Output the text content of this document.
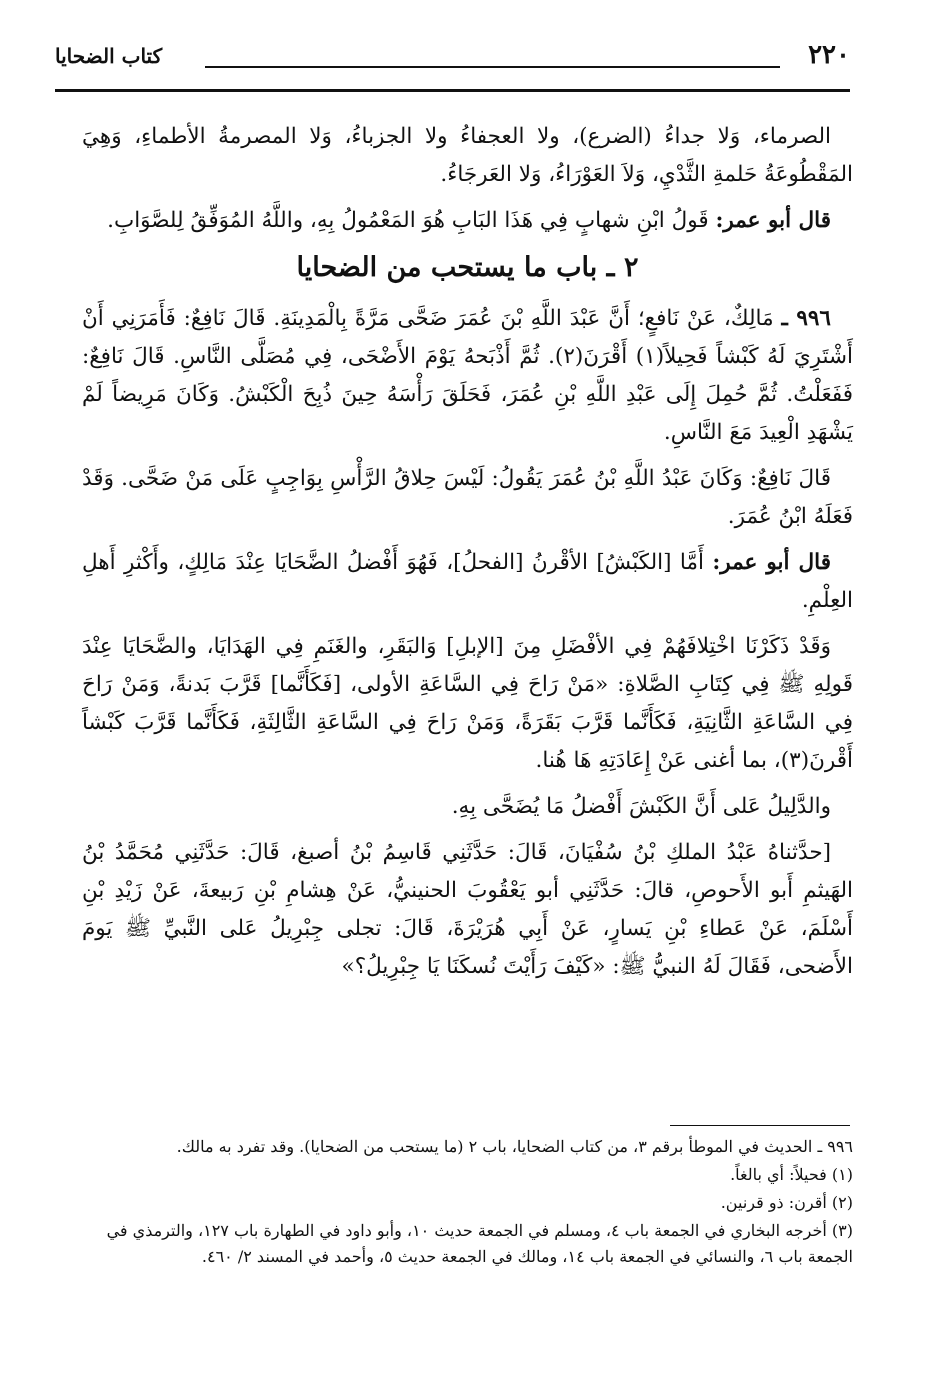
٢٢٠
كتاب الضحايا

الصرماء، وَلا جداءُ (الضرع)، ولا العجفاءُ ولا الجزباءُ، وَلا المصرمةُ الأطماءِ، وَهِيَ المَقْطُوعَةُ حَلمةِ الثَّدْيِ، وَلاَ العَوْرَاءُ، وَلا العَرجَاءُ.

قال أبو عمر: قَولُ ابْنِ شهابٍ فِي هَذَا البَابِ هُوَ المَعْمُولُ بِهِ، واللَّهُ المُوَفِّقُ لِلصَّوَابِ.

٢ ـ باب ما يستحب من الضحايا

٩٩٦ ـ مَالِكٌ، عَنْ نَافعٍ؛ أَنَّ عَبْدَ اللَّهِ بْنَ عُمَرَ ضَحَّى مَرَّةً بِالْمَدِينَةِ. قَالَ نَافِعٌ: فَأَمَرَنِي أَنْ أَشْتَرِيَ لَهُ كَبْشاً فَحِيلاً(١) أَقْرَنَ(٢). ثُمَّ أَذْبَحهُ يَوْمَ الأَضْحَى، فِي مُصَلَّى النَّاسِ. قَالَ نَافِعٌ: فَفَعَلْتُ. ثُمَّ حُمِلَ إِلَى عَبْدِ اللَّهِ بْنِ عُمَرَ، فَحَلَقَ رَأْسَهُ حِينَ ذُبِحَ الْكَبْشُ. وَكَانَ مَرِيضاً لَمْ يَشْهَدِ الْعِيدَ مَعَ النَّاسِ.

قَالَ نَافِعٌ: وَكَانَ عَبْدُ اللَّهِ بْنُ عُمَرَ يَقُولُ: لَيْسَ حِلاقُ الرَّأْسِ بِوَاجِبٍ عَلَى مَنْ ضَحَّى. وَقَدْ فَعَلَهُ ابْنُ عُمَرَ.

قال أبو عمر: أَمَّا [الكَبْشُ] الأقْرنُ [الفحلُ]، فَهُوَ أَفْضلُ الضَّحَايَا عِنْدَ مَالِكٍ، وأَكْثرِ أَهلِ العِلْمِ.

وَقَدْ ذَكَرْنَا اخْتِلافَهُمْ فِي الأفْضَلِ مِنَ [الإبلِ] وَالبَقَرِ، والغَنَمِ فِي الهَدَايَا، والضَّحَايَا عِنْدَ قَولِهِ ﷺ فِي كِتَابِ الصَّلاةِ: «مَنْ رَاحَ فِي السَّاعَةِ الأولى، [فَكَأَنَّما] قَرَّبَ بَدنةً، وَمَنْ رَاحَ فِي السَّاعَةِ الثَّانِيَةِ، فَكَأَنَّما قَرَّبَ بَقَرَةً، وَمَنْ رَاحَ فِي السَّاعَةِ الثَّالِثَةِ، فَكَأَنَّما قَرَّبَ كَبْشاً أَقْرنَ(٣)، بما أغنى عَنْ إِعَادَتِهِ هَا هُنا.

والدَّلِيلُ عَلى أَنَّ الكَبْشَ أَفْضلُ مَا يُضَحَّى بِهِ.

[حدَّثناهُ عَبْدُ الملكِ بْنُ سُفْيَانَ، قَالَ: حَدَّثَنِي قَاسِمُ بْنُ أصبغ، قَالَ: حَدَّثَنِي مُحَمَّدُ بْنُ الهَيثمِ أَبو الأَحوصِ، قالَ: حَدَّثَنِي أبو يَعْقُوبَ الحنينيُّ، عَنْ هِشامِ بْنِ رَبيعةَ، عَنْ زَيْدِ بْنِ أَسْلَمَ، عَنْ عَطاءِ بْنِ يَسارٍ، عَنْ أَبِي هُرَيْرَةَ، قَالَ: تجلى جِبْرِيلُ عَلى النَّبيِّ ﷺ يَومَ الأَضحى، فَقَالَ لَهُ النبيُّ ﷺ: «كَيْفَ رَأَيْتَ نُسكَنَا يَا جِبْرِيلُ؟»

٩٩٦ ـ الحديث في الموطأ برقم ٣، من كتاب الضحايا، باب ٢ (ما يستحب من الضحايا). وقد تفرد به مالك.

(١) فحيلاً: أي بالغاً.

(٢) أقرن: ذو قرنين.

(٣) أخرجه البخاري في الجمعة باب ٤، ومسلم في الجمعة حديث ١٠، وأبو داود في الطهارة باب ١٢٧، والترمذي في الجمعة باب ٦، والنسائي في الجمعة باب ١٤، ومالك في الجمعة حديث ٥، وأحمد في المسند ٢/ ٤٦٠.
